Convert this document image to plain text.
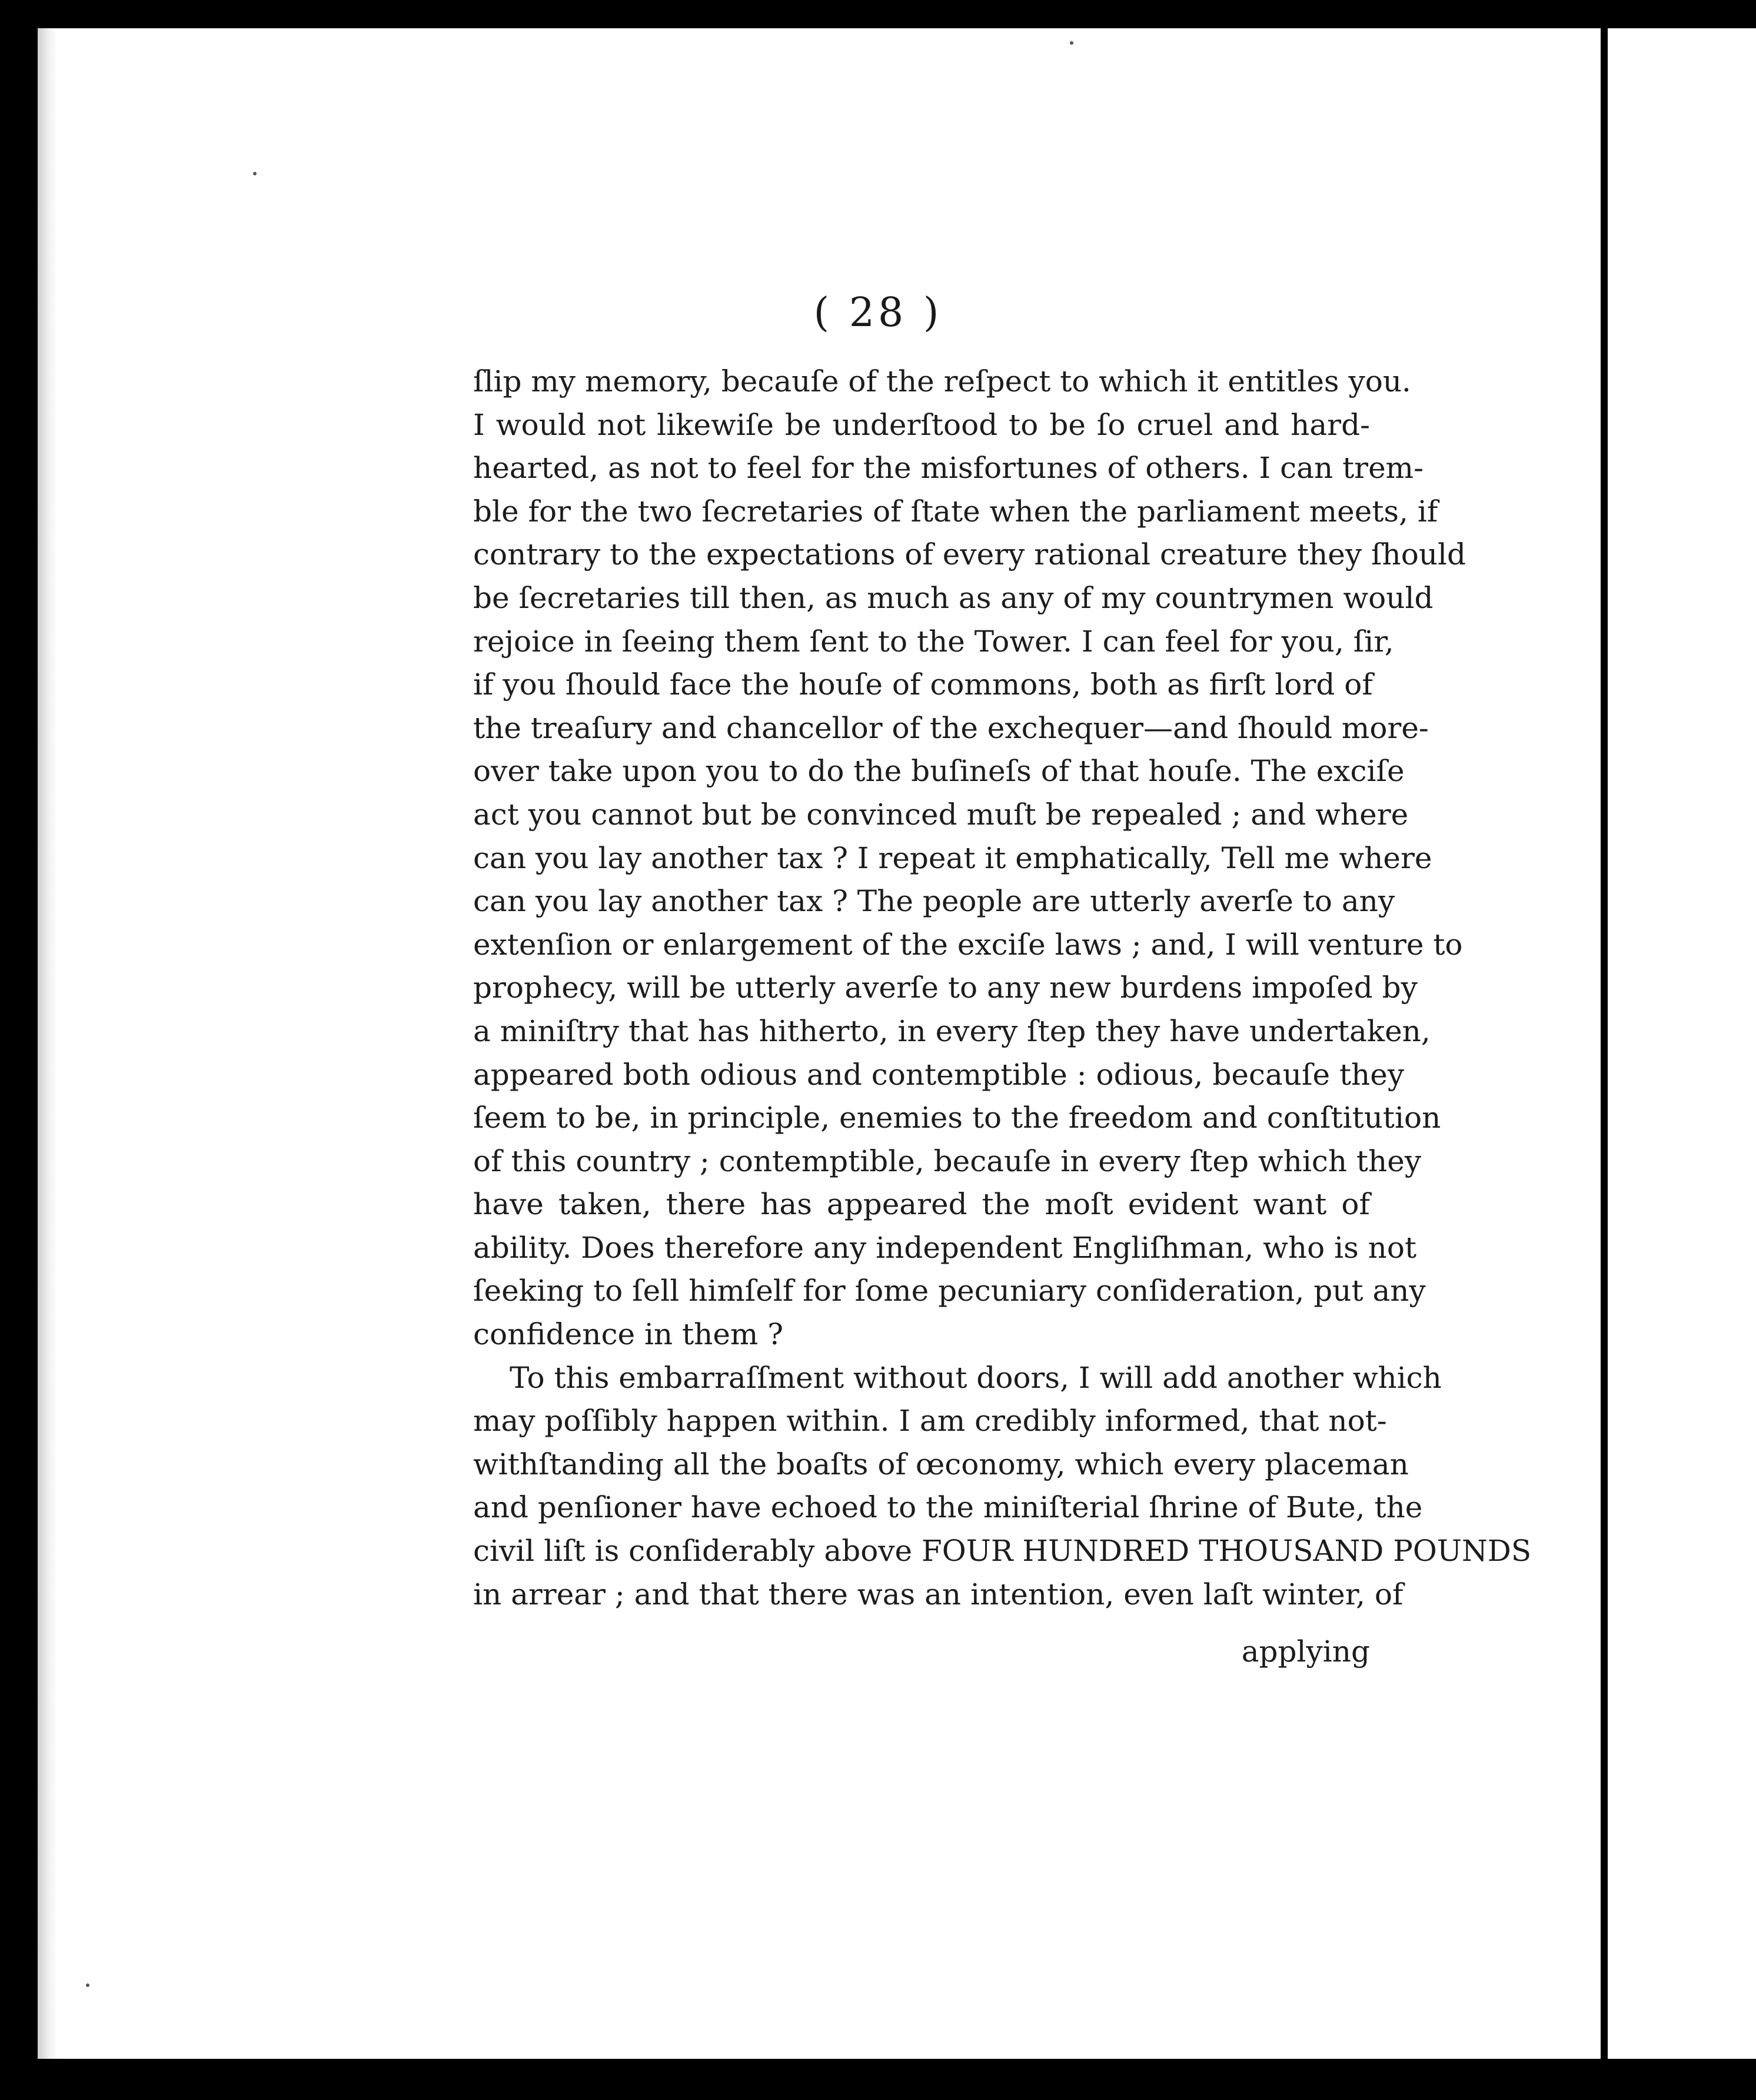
( 28 )

ſlip my memory, becauſe of the reſpect to which it entitles you.
I would not likewiſe be underſtood to be ſo cruel and hard-
hearted, as not to feel for the misfortunes of others. I can trem-
ble for the two ſecretaries of ſtate when the parliament meets, if
contrary to the expectations of every rational creature they ſhould
be ſecretaries till then, as much as any of my countrymen would
rejoice in ſeeing them ſent to the Tower. I can feel for you, ſir,
if you ſhould face the houſe of commons, both as firſt lord of
the treaſury and chancellor of the exchequer—and ſhould more-
over take upon you to do the buſineſs of that houſe. The exciſe
act you cannot but be convinced muſt be repealed ; and where
can you lay another tax ? I repeat it emphatically, Tell me where
can you lay another tax ? The people are utterly averſe to any
extenſion or enlargement of the exciſe laws ; and, I will venture to
prophecy, will be utterly averſe to any new burdens impoſed by
a miniſtry that has hitherto, in every ſtep they have undertaken,
appeared both odious and contemptible : odious, becauſe they
ſeem to be, in principle, enemies to the freedom and conſtitution
of this country ; contemptible, becauſe in every ſtep which they
have taken, there has appeared the moſt evident want of
ability. Does therefore any independent Engliſhman, who is not
ſeeking to ſell himſelf for ſome pecuniary conſideration, put any
confidence in them ?
To this embarraſſment without doors, I will add another which
may poſſibly happen within. I am credibly informed, that not-
withſtanding all the boaſts of œconomy, which every placeman
and penſioner have echoed to the miniſterial ſhrine of Bute, the
civil liſt is conſiderably above FOUR HUNDRED THOUSAND POUNDS
in arrear ; and that there was an intention, even laſt winter, of

applying
